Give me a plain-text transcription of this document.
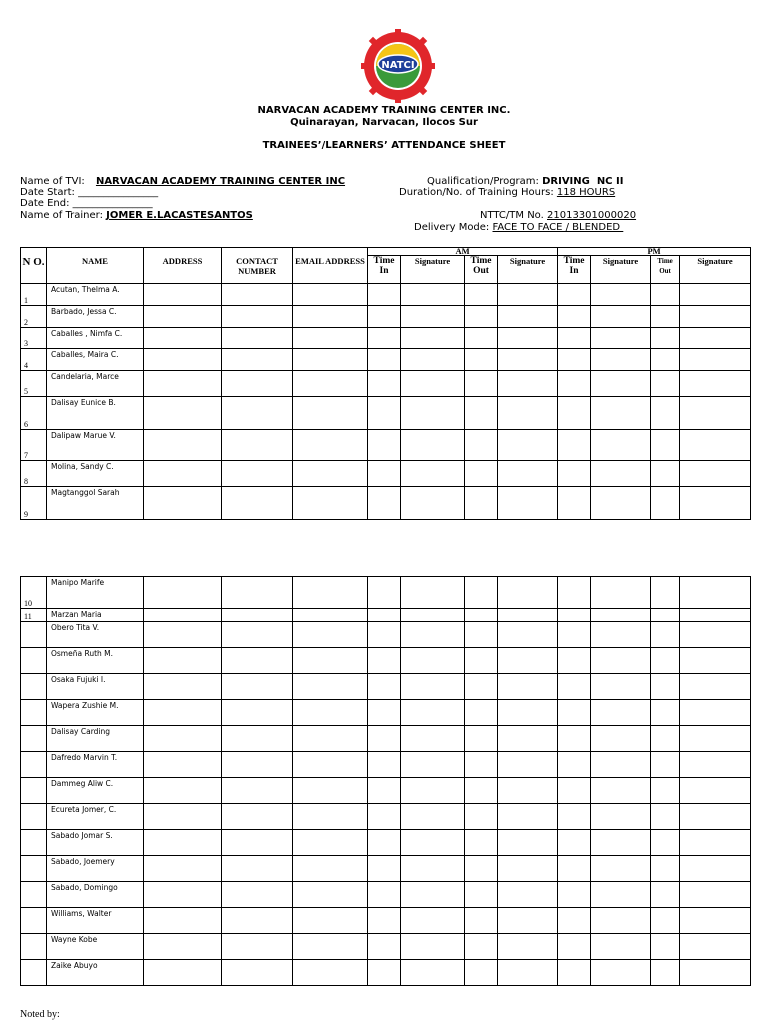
NATCI
NARVACAN ACADEMY TRAINING CENTER INC.
Quinarayan, Narvacan, Ilocos Sur
TRAINEES’/LEARNERS’ ATTENDANCE SHEET
Name of TVI: NARVACAN ACADEMY TRAINING CENTER INC
Date Start: ________________
Date End: ________________
Name of Trainer: JOMER E.LACASTESANTOS
Qualification/Program: DRIVING  NC II
Duration/No. of Training Hours: 118 HOURS
NTTC/TM No. 21013301000020
Delivery Mode: FACE TO FACE / BLENDED
N O.	NAME	ADDRESS	CONTACT NUMBER	EMAIL ADDRESS	AM				PM			
					Time In	Signature	Time Out	Signature	Time In	Signature	Time Out	Signature
1	Acutan, Thelma A.											
2	Barbado, Jessa C.											
3	Caballes , Nimfa C.											
4	Caballes, Maira C.											
5	Candelaria, Marce											
6	Dalisay Eunice B.											
7	Dalipaw Marue V.											
8	Molina, Sandy C.											
9	Magtanggol Sarah											
10	Manipo Marife											
11	Marzan Maria											
	Obero Tita V.											
	Osmeña Ruth M.											
	Osaka Fujuki I.											
	Wapera Zushie M.											
	Dalisay Carding											
	Dafredo Marvin T.											
	Dammeg Aliw C.											
	Ecureta Jomer, C.											
	Sabado Jomar S.											
	Sabado, Joemery											
	Sabado, Domingo											
	Williams, Walter											
	Wayne Kobe											
	Zaike Abuyo											
Noted by:
